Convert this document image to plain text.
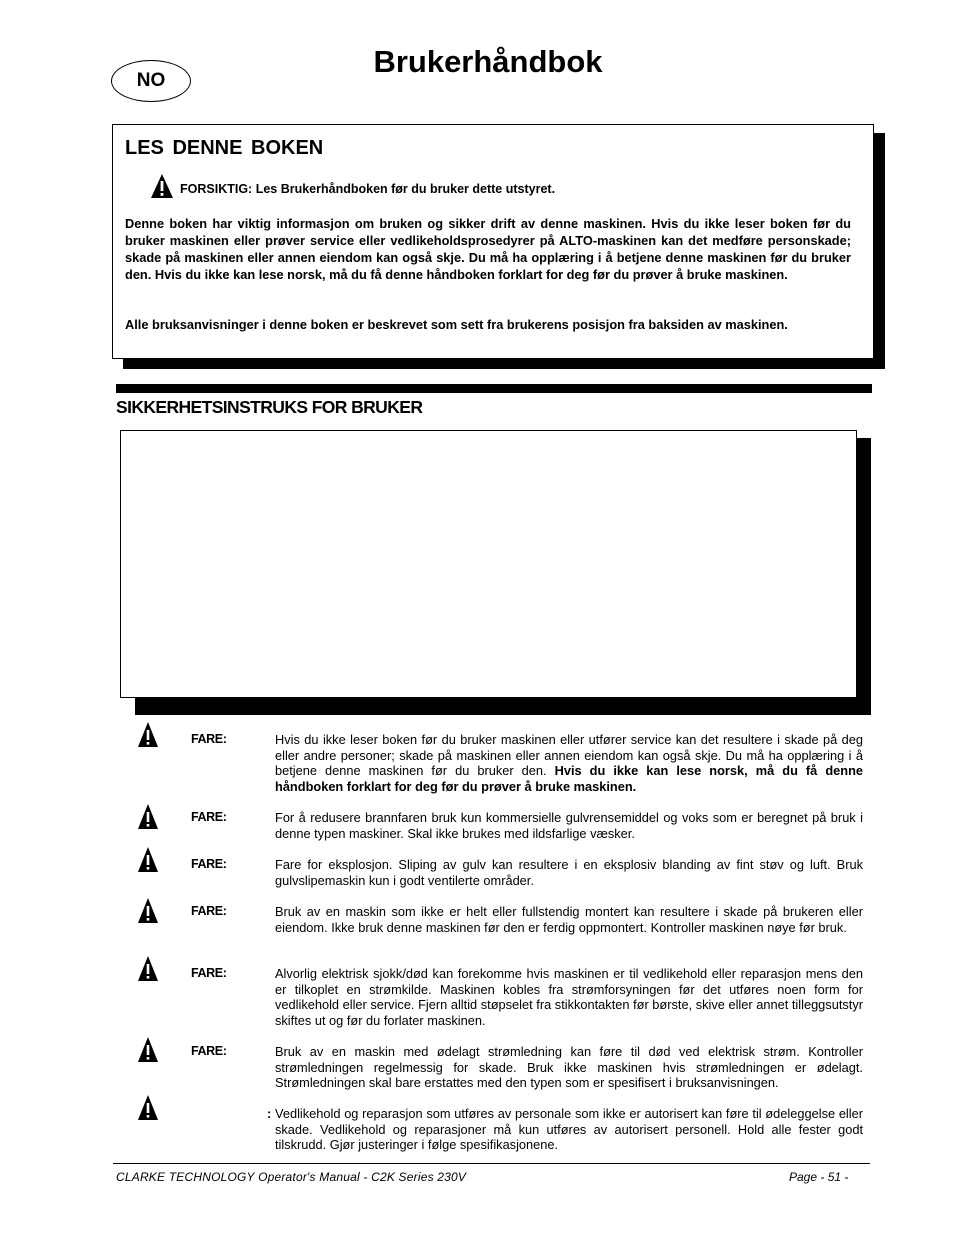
NO
Brukerhåndbok
LES DENNE BOKEN
FORSIKTIG: Les Brukerhåndboken før du bruker dette utstyret.

Denne boken har viktig informasjon om bruken og sikker drift av denne maskinen. Hvis du ikke leser boken før du bruker maskinen eller prøver service eller vedlikeholdsprosedyrer på ALTO-maskinen kan det medføre personskade; skade på maskinen eller annen eiendom kan også skje. Du må ha opplæring i å betjene denne maskinen før du bruker den. Hvis du ikke kan lese norsk, må du få denne håndboken forklart for deg før du prøver å bruke maskinen.

Alle bruksanvisninger i denne boken er beskrevet som sett fra brukerens posisjon fra baksiden av maskinen.

SIKKERHETSINSTRUKS FOR BRUKER
FARE:	Hvis du ikke leser boken før du bruker maskinen eller utfører service kan det resultere i skade på deg eller andre personer; skade på maskinen eller annen eiendom kan også skje. Du må ha opplæring i å betjene denne maskinen før du bruker den. Hvis du ikke kan lese norsk, må du få denne håndboken forklart for deg før du prøver å bruke maskinen.

FARE:	For å redusere brannfaren bruk kun kommersielle gulvrensemiddel og voks som er beregnet på bruk i denne typen maskiner. Skal ikke brukes med ildsfarlige væsker.

FARE:	Fare for eksplosjon. Sliping av gulv kan resultere i en eksplosiv blanding av fint støv og luft. Bruk gulvslipemaskin kun i godt ventilerte områder.

FARE:	Bruk av en maskin som ikke er helt eller fullstendig montert kan resultere i skade på brukeren eller eiendom. Ikke bruk denne maskinen før den er ferdig oppmontert. Kontroller maskinen nøye før bruk.

FARE:	Alvorlig elektrisk sjokk/død kan forekomme hvis maskinen er til vedlikehold eller reparasjon mens den er tilkoplet en strømkilde. Maskinen kobles fra strømforsyningen før det utføres noen form for vedlikehold eller service. Fjern alltid støpselet fra stikkontakten før børste, skive eller annet tilleggsutstyr skiftes ut og før du forlater maskinen.

FARE:	Bruk av en maskin med ødelagt strømledning kan føre til død ved elektrisk strøm. Kontroller strømledningen regelmessig for skade. Bruk ikke maskinen hvis strømledningen er ødelagt. Strømledningen skal bare erstattes med den typen som er spesifisert i bruksanvisningen.

: Vedlikehold og reparasjon som utføres av personale som ikke er autorisert kan føre til ødeleggelse eller skade. Vedlikehold og reparasjoner må kun utføres av autorisert personell. Hold alle fester godt tilskrudd. Gjør justeringer i følge spesifikasjonene.

CLARKE TECHNOLOGY Operator's Manual - C2K Series 230V	Page - 51 -
